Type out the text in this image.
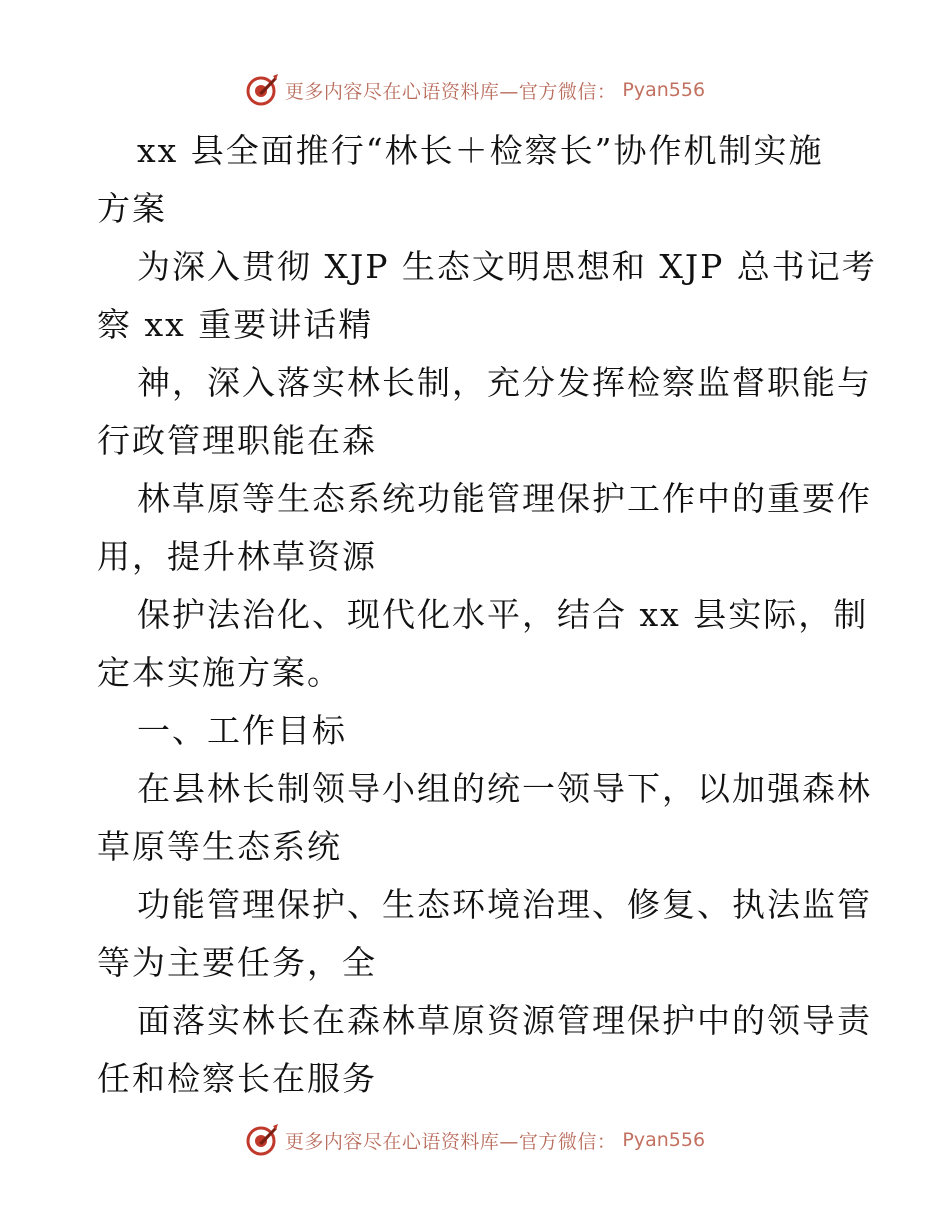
更多内容尽在心语资料库—官方微信： Pyan556
xx 县全面推行“林长＋检察长”协作机制实施
方案
为深入贯彻 XJP 生态文明思想和 XJP 总书记考
察 xx 重要讲话精
神，深入落实林长制，充分发挥检察监督职能与
行政管理职能在森
林草原等生态系统功能管理保护工作中的重要作
用，提升林草资源
保护法治化、现代化水平，结合 xx 县实际，制
定本实施方案。
一、工作目标
在县林长制领导小组的统一领导下，以加强森林
草原等生态系统
功能管理保护、生态环境治理、修复、执法监管
等为主要任务，全
面落实林长在森林草原资源管理保护中的领导责
任和检察长在服务
更多内容尽在心语资料库—官方微信： Pyan556
